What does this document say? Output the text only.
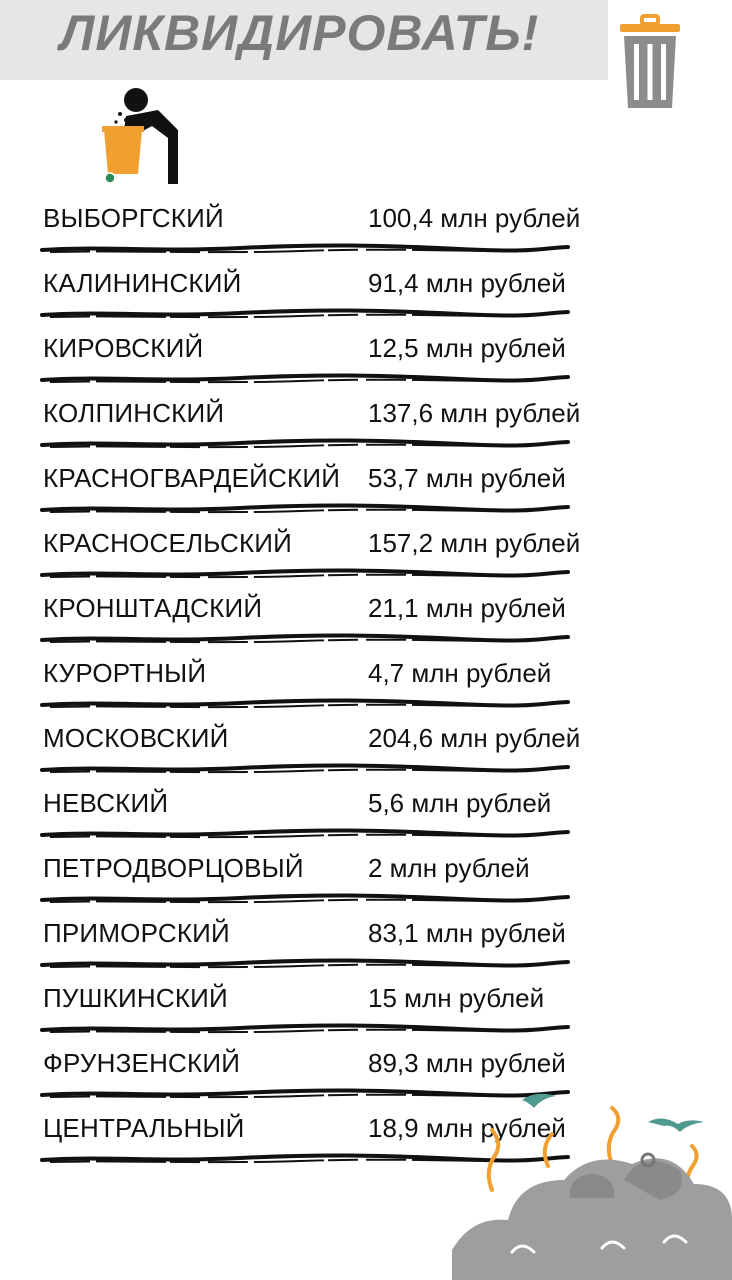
ЛИКВИДИРОВАТЬ!
ВЫБОРГСКИЙ	100,4 млн рублей
КАЛИНИНСКИЙ	91,4 млн рублей
КИРОВСКИЙ	12,5 млн рублей
КОЛПИНСКИЙ	137,6 млн рублей
КРАСНОГВАРДЕЙСКИЙ 53,7 млн рублей
КРАСНОСЕЛЬСКИЙ	157,2 млн рублей
КРОНШТАДСКИЙ	21,1 млн рублей
КУРОРТНЫЙ	4,7 млн рублей
МОСКОВСКИЙ	204,6 млн рублей
НЕВСКИЙ	5,6 млн рублей
ПЕТРОДВОРЦОВЫЙ 2 млн рублей
ПРИМОРСКИЙ	83,1 млн рублей
ПУШКИНСКИЙ	15 млн рублей
ФРУНЗЕНСКИЙ	89,3 млн рублей
ЦЕНТРАЛЬНЫЙ	18,9 млн рублей
